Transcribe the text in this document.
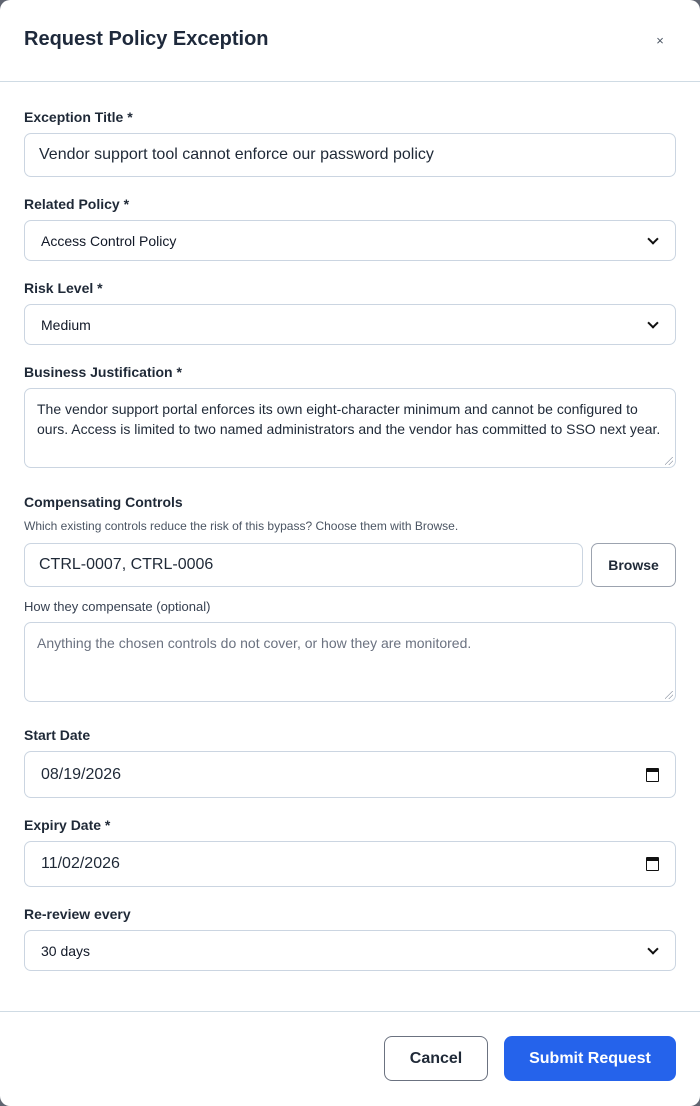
Request Policy Exception	×
Exception Title *
Vendor support tool cannot enforce our password policy
Related Policy *
Access Control Policy
Risk Level *
Medium
Business Justification *
The vendor support portal enforces its own eight-character minimum and cannot be configured to ours. Access is limited to two named administrators and the vendor has committed to SSO next year.
Compensating Controls
Which existing controls reduce the risk of this bypass? Choose them with Browse.
CTRL-0007, CTRL-0006	Browse
How they compensate (optional)
Anything the chosen controls do not cover, or how they are monitored.
Start Date
08/19/2026
Expiry Date *
11/02/2026
Re-review every
30 days
Cancel	Submit Request
